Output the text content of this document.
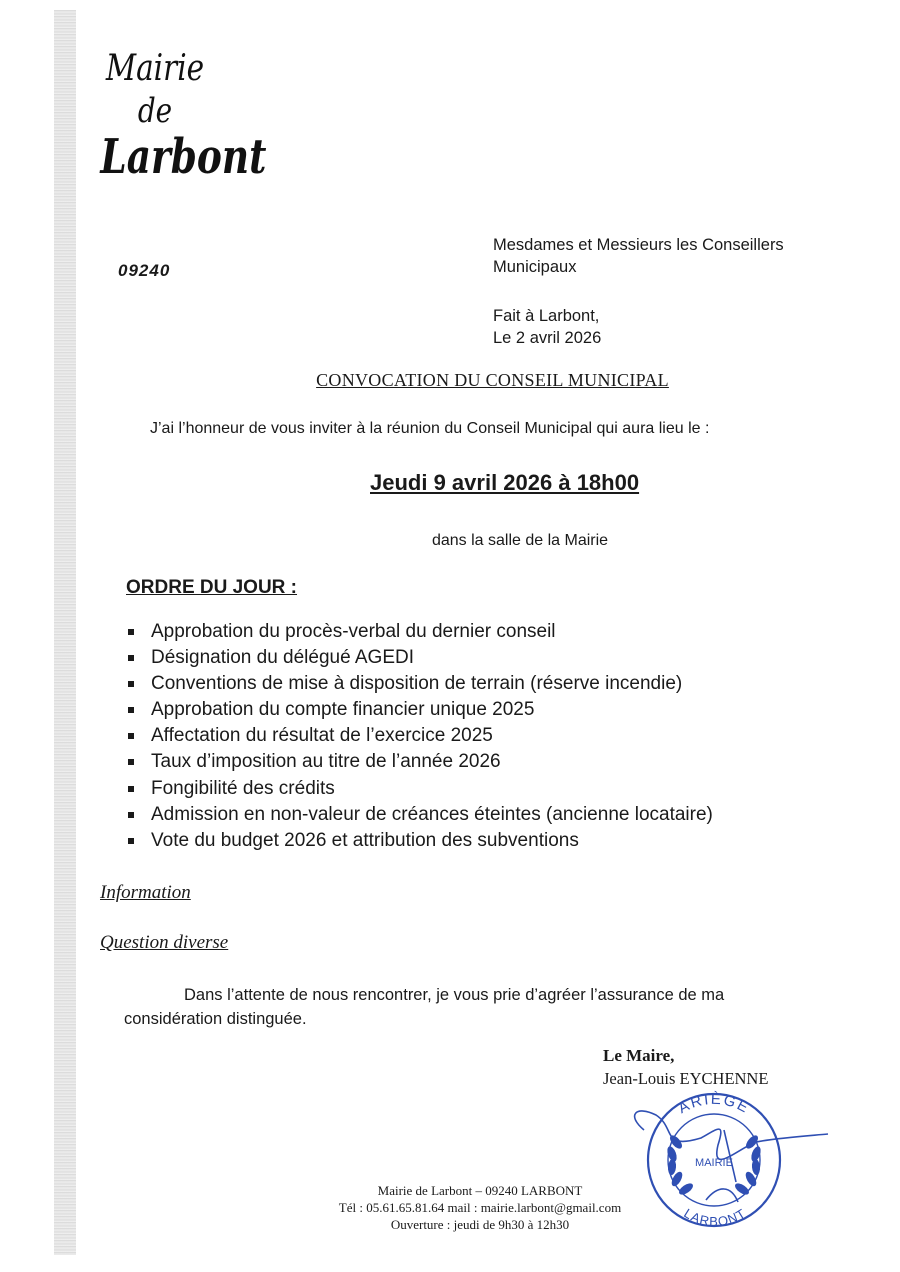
Mairie
de
Larbont
09240
Mesdames et Messieurs les Conseillers
Municipaux
Fait à Larbont,
Le 2 avril 2026
CONVOCATION DU CONSEIL MUNICIPAL
J’ai l’honneur de vous inviter à la réunion du Conseil Municipal qui aura lieu le :
Jeudi 9 avril 2026 à 18h00
dans la salle de la Mairie
ORDRE DU JOUR :
Approbation du procès-verbal du dernier conseil
Désignation du délégué AGEDI
Conventions de mise à disposition de terrain (réserve incendie)
Approbation du compte financier unique 2025
Affectation du résultat de l’exercice 2025
Taux d’imposition au titre de l’année 2026
Fongibilité des crédits
Admission en non-valeur de créances éteintes (ancienne locataire)
Vote du budget 2026 et attribution des subventions
Information
Question diverse
Dans l’attente de nous rencontrer, je vous prie d’agréer l’assurance de ma considération distinguée.
Le Maire,
Jean-Louis EYCHENNE
ARIÈGE
MAIRIE
LARBONT
Mairie de Larbont – 09240 LARBONT
Tél : 05.61.65.81.64 mail : mairie.larbont@gmail.com
Ouverture : jeudi de 9h30 à 12h30
